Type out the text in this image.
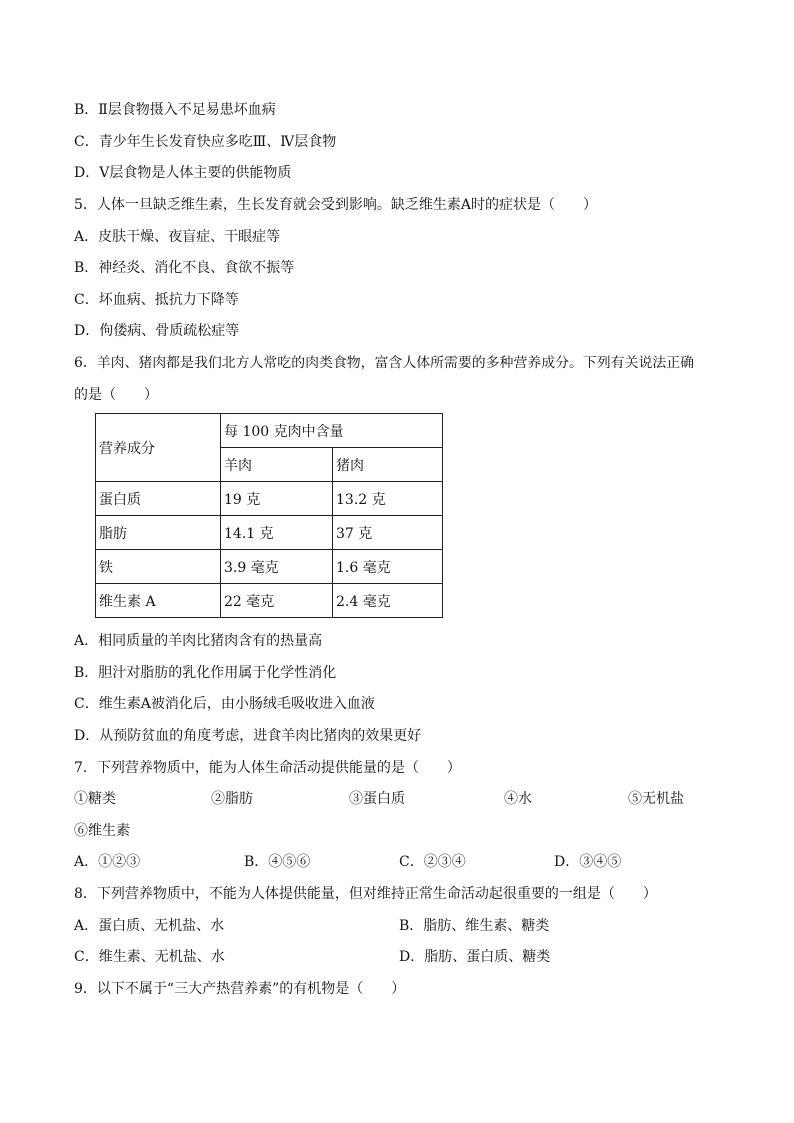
B．Ⅱ层食物摄入不足易患坏血病
C．青少年生长发育快应多吃Ⅲ、Ⅳ层食物
D．Ⅴ层食物是人体主要的供能物质
5．人体一旦缺乏维生素，生长发育就会受到影响。缺乏维生素A时的症状是（　　）
A．皮肤干燥、夜盲症、干眼症等
B．神经炎、消化不良、食欲不振等
C．坏血病、抵抗力下降等
D．佝偻病、骨质疏松症等
6．羊肉、猪肉都是我们北方人常吃的肉类食物，富含人体所需要的多种营养成分。下列有关说法正确
的是（　　）
营养成分	每 100 克肉中含量	
	羊肉	猪肉
蛋白质	19 克	13.2 克
脂肪	14.1 克	37 克
铁	3.9 毫克	1.6 毫克
维生素 A	22 毫克	2.4 毫克
A．相同质量的羊肉比猪肉含有的热量高
B．胆汁对脂肪的乳化作用属于化学性消化
C．维生素A被消化后，由小肠绒毛吸收进入血液
D．从预防贫血的角度考虑，进食羊肉比猪肉的效果更好
7．下列营养物质中，能为人体生命活动提供能量的是（　　）
①糖类	②脂肪	③蛋白质	④水	⑤无机盐
⑥维生素
A．①②③	B．④⑤⑥	C．②③④	D．③④⑤
8．下列营养物质中，不能为人体提供能量，但对维持正常生命活动起很重要的一组是（　　）
A．蛋白质、无机盐、水	B．脂肪、维生素、糖类
C．维生素、无机盐、水	D．脂肪、蛋白质、糖类
9．以下不属于“三大产热营养素”的有机物是（　　）
